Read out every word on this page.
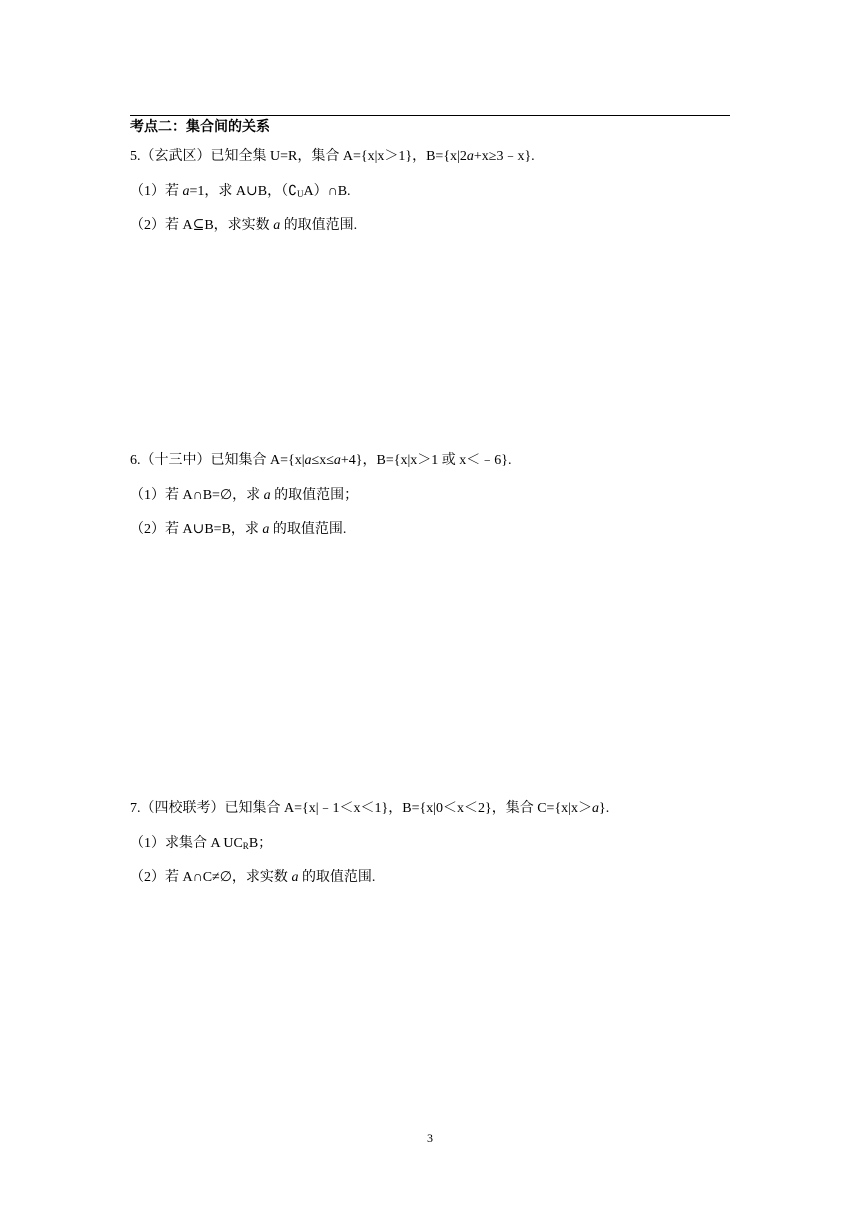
考点二：集合间的关系
5.（玄武区）已知全集 U=R，集合 A={x|x＞1}，B={x|2a+x≥3﹣x}.
（1）若 a=1，求 A∪B，$(∁_UA)\cap B$.
（2）若 A⊆B，求实数 a 的取值范围.
6.（十三中）已知集合 A={x|a≤x≤a+4}，B={x|x＞1 或 x＜﹣6}.
（1）若 A∩B=∅，求 a 的取值范围；
（2）若 A∪B=B，求 a 的取值范围.
7.（四校联考）已知集合 A={x|﹣1＜x＜1}，B={x|0＜x＜2}，集合 C={x|x＞a}.
（1）求集合 A $UC_RB$；
（2）若 A∩C≠∅，求实数 a 的取值范围.
3
